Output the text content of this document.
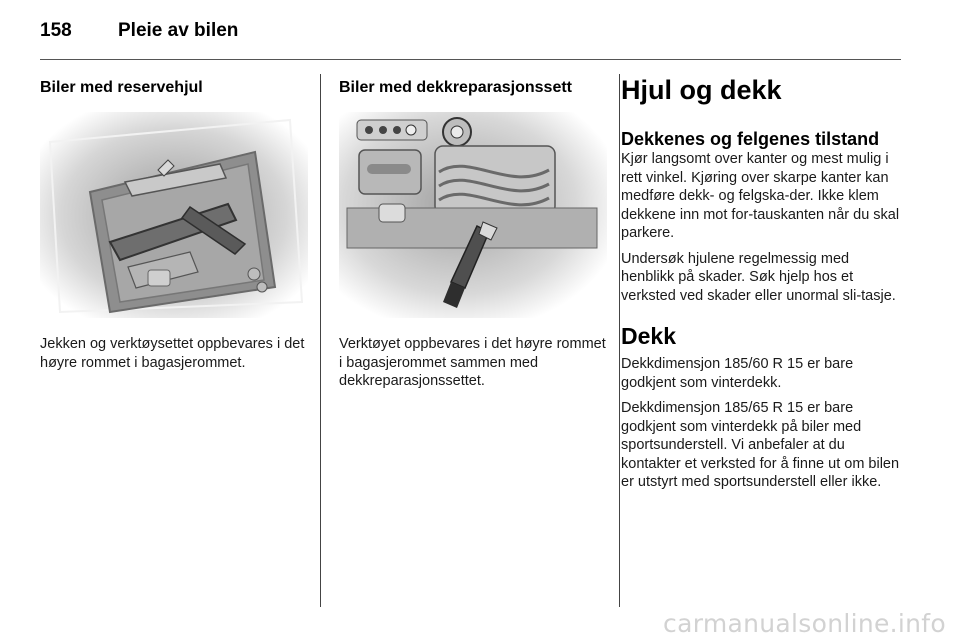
158 Pleie av bilen
Biler med reservehjul
Jekken og verktøysettet oppbevares i det høyre rommet i bagasjerommet.
Biler med dekkreparasjonssett
Verktøyet oppbevares i det høyre rommet i bagasjerommet sammen med dekkreparasjonssettet.
Hjul og dekk
Dekkenes og felgenes tilstand

Kjør langsomt over kanter og mest mulig i rett vinkel. Kjøring over skarpe kanter kan medføre dekk- og felgska-der. Ikke klem dekkene inn mot for-tauskanten når du skal parkere.

Undersøk hjulene regelmessig med henblikk på skader. Søk hjelp hos et verksted ved skader eller unormal sli-tasje.

Dekk

Dekkdimensjon 185/60 R 15 er bare godkjent som vinterdekk.

Dekkdimensjon 185/65 R 15 er bare godkjent som vinterdekk på biler med sportsunderstell. Vi anbefaler at du kontakter et verksted for å finne ut om bilen er utstyrt med sportsunderstell eller ikke.

carmanualsonline.info
